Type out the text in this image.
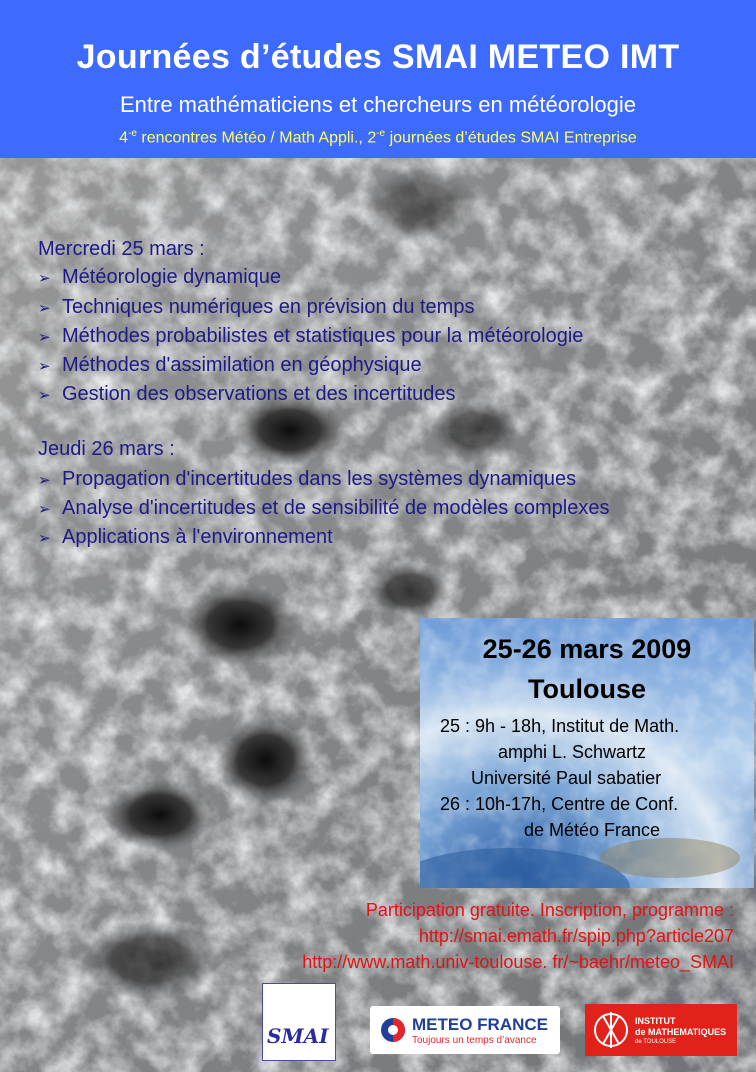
Journées d’études SMAI METEO IMT
Entre mathématiciens et chercheurs en météorologie
$4^{-e}$ rencontres Météo / Math Appli., $2^{-e}$ journées d’études SMAI Entreprise
Mercredi 25 mars :
➢ Météorologie dynamique
➢ Techniques numériques en prévision du temps
➢ Méthodes probabilistes et statistiques pour la météorologie
➢ Méthodes d'assimilation en géophysique
➢ Gestion des observations et des incertitudes
Jeudi 26 mars :
➢ Propagation d'incertitudes dans les systèmes dynamiques
➢ Analyse d'incertitudes et de sensibilité de modèles complexes
➢ Applications à l'environnement
25-26 mars 2009
Toulouse
25 : 9h - 18h, Institut de Math.
amphi L. Schwartz
Université Paul sabatier
26 : 10h-17h, Centre de Conf.
de Météo France
Participation gratuite. Inscription, programme :
http://smai.emath.fr/spip.php?article207
http://www.math.univ-toulouse. fr/~baehr/meteo_SMAI
SMAI	METEO FRANCE
Toujours un temps d’avance
INSTITUT
de MATHEMATIQUES
de TOULOUSE
